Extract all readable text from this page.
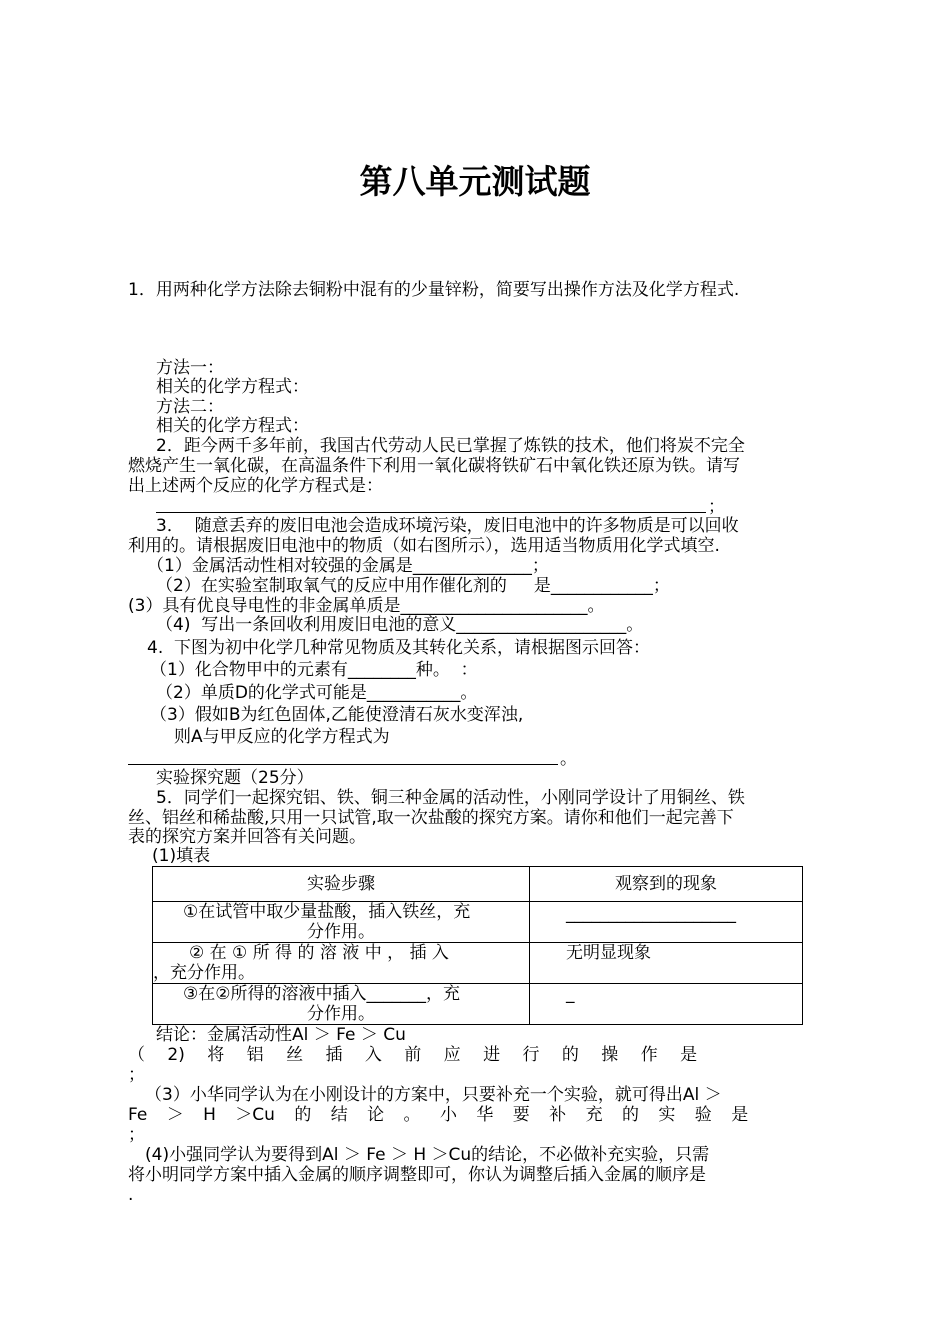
第八单元测试题
1．用两种化学方法除去铜粉中混有的少量锌粉，简要写出操作方法及化学方程式.
方法一：
相关的化学方程式：
方法二：
相关的化学方程式：
2．距今两千多年前，我国古代劳动人民已掌握了炼铁的技术，他们将炭不完全
燃烧产生一氧化碳，在高温条件下利用一氧化碳将铁矿石中氧化铁还原为铁。请写
出上述两个反应的化学方程式是：
；
3．  随意丢弃的废旧电池会造成环境污染，废旧电池中的许多物质是可以回收
利用的。请根据废旧电池中的物质（如右图所示），选用适当物质用化学式填空.
（1）金属活动性相对较强的金属是______________；
（2）在实验室制取氧气的反应中用作催化剂的     是____________；
(3）具有优良导电性的非金属单质是______________________。
（4)  写出一条回收利用废旧电池的意义____________________。
4.  下图为初中化学几种常见物质及其转化关系，请根据图示回答：
（1）化合物甲中的元素有________种。  ：
（2）单质D的化学式可能是___________。
（3）假如B为红色固体,乙能使澄清石灰水变浑浊,
则A与甲反应的化学方程式为
。
实验探究题（25分）
5．同学们一起探究铝、铁、铜三种金属的活动性，小刚同学设计了用铜丝、铁
丝、铝丝和稀盐酸,只用一只试管,取一次盐酸的探究方案。请你和他们一起完善下
表的探究方案并回答有关问题。
(1)填表
实验步骤	观察到的现象

①在试管中取少量盐酸，插入铁丝，充
分作用。	____________________

② 在 ① 所 得 的 溶 液 中 ， 插 入
，充分作用。	无明显现象

③在②所得的溶液中插入_______，充
分作用。	_
结论：金属活动性Al ＞ Fe ＞ Cu
（ 2) 将 铝 丝 插 入 前 应 进 行 的 操 作 是
；
（3）小华同学认为在小刚设计的方案中，只要补充一个实验，就可得出Al ＞
Fe ＞ H ＞Cu 的 结 论 。 小 华 要 补 充 的 实 验 是
；
(4)小强同学认为要得到Al ＞ Fe ＞ H ＞Cu的结论，不必做补充实验，只需
将小明同学方案中插入金属的顺序调整即可，你认为调整后插入金属的顺序是
.
